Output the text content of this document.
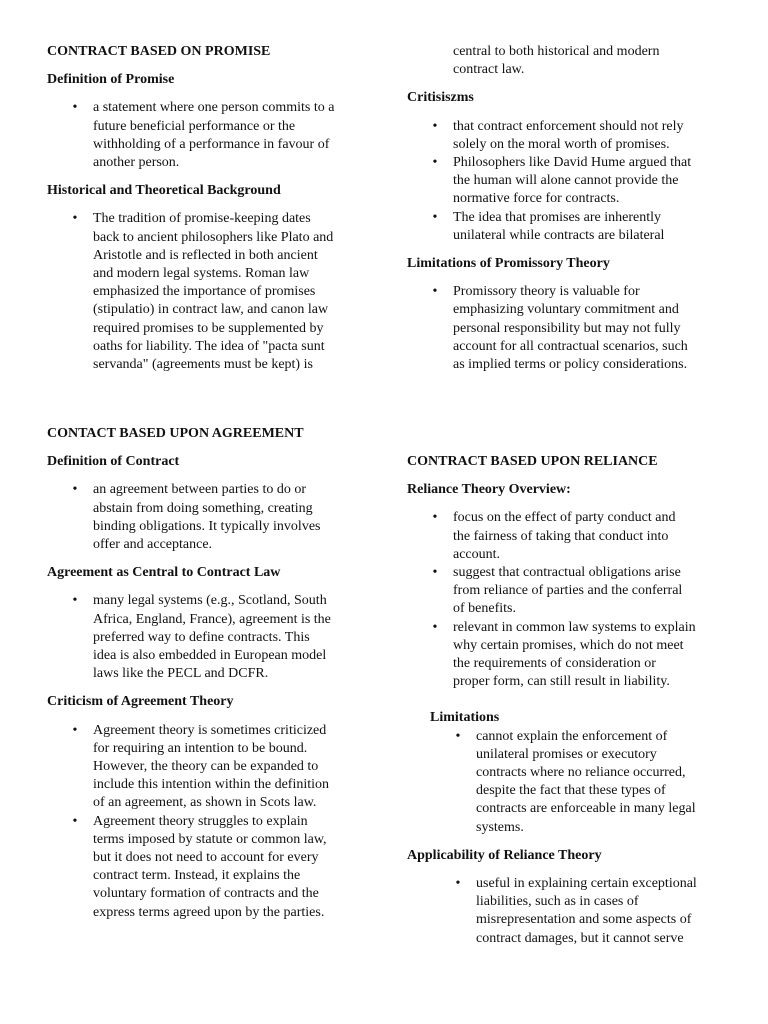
CONTRACT BASED ON PROMISE

Definition of Promise

• a statement where one person commits to a
future beneficial performance or the
withholding of a performance in favour of
another person.

Historical and Theoretical Background

• The tradition of promise-keeping dates
back to ancient philosophers like Plato and
Aristotle and is reflected in both ancient
and modern legal systems. Roman law
emphasized the importance of promises
(stipulatio) in contract law, and canon law
required promises to be supplemented by
oaths for liability. The idea of "pacta sunt
servanda" (agreements must be kept) is
central to both historical and modern
contract law.

Critisiszms

• that contract enforcement should not rely
solely on the moral worth of promises.
• Philosophers like David Hume argued that
the human will alone cannot provide the
normative force for contracts.
• The idea that promises are inherently
unilateral while contracts are bilateral

Limitations of Promissory Theory

• Promissory theory is valuable for
emphasizing voluntary commitment and
personal responsibility but may not fully
account for all contractual scenarios, such
as implied terms or policy considerations.

CONTACT BASED UPON AGREEMENT

Definition of Contract

• an agreement between parties to do or
abstain from doing something, creating
binding obligations. It typically involves
offer and acceptance.

Agreement as Central to Contract Law

• many legal systems (e.g., Scotland, South
Africa, England, France), agreement is the
preferred way to define contracts. This
idea is also embedded in European model
laws like the PECL and DCFR.

Criticism of Agreement Theory

• Agreement theory is sometimes criticized
for requiring an intention to be bound.
However, the theory can be expanded to
include this intention within the definition
of an agreement, as shown in Scots law.
• Agreement theory struggles to explain
terms imposed by statute or common law,
but it does not need to account for every
contract term. Instead, it explains the
voluntary formation of contracts and the
express terms agreed upon by the parties.

CONTRACT BASED UPON RELIANCE

Reliance Theory Overview:

• focus on the effect of party conduct and
the fairness of taking that conduct into
account.
• suggest that contractual obligations arise
from reliance of parties and the conferral
of benefits.
• relevant in common law systems to explain
why certain promises, which do not meet
the requirements of consideration or
proper form, can still result in liability.

Limitations

• cannot explain the enforcement of
unilateral promises or executory
contracts where no reliance occurred,
despite the fact that these types of
contracts are enforceable in many legal
systems.

Applicability of Reliance Theory

• useful in explaining certain exceptional
liabilities, such as in cases of
misrepresentation and some aspects of
contract damages, but it cannot serve
